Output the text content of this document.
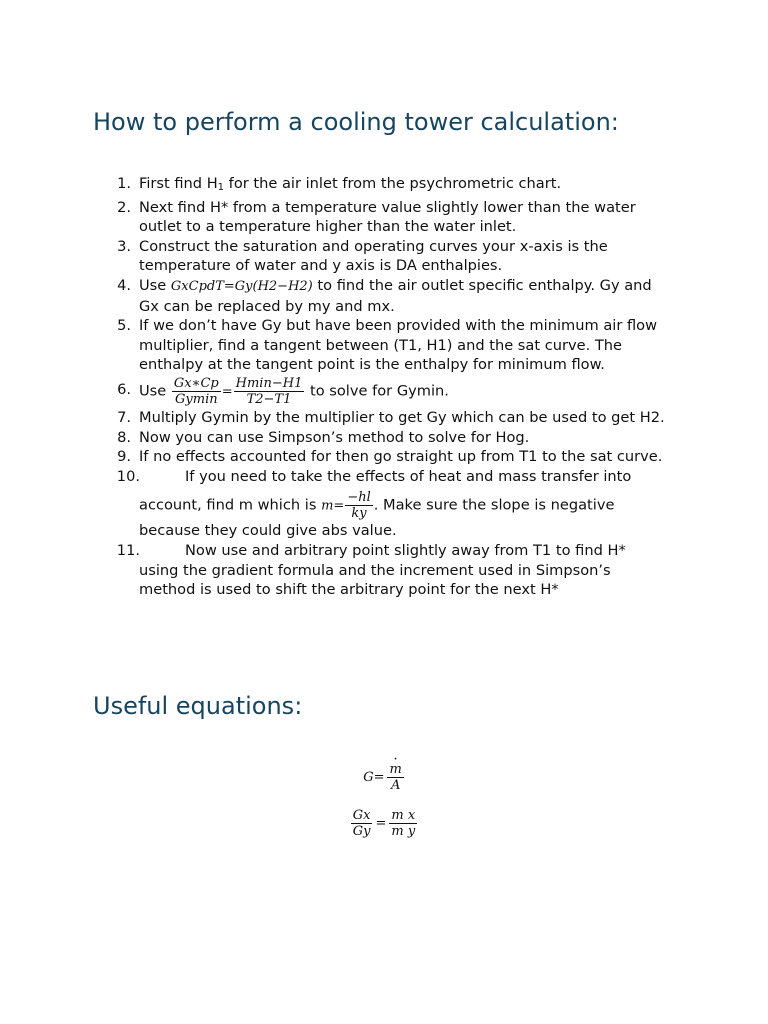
How to perform a cooling tower calculation:
1. First find $H_1$ for the air inlet from the psychrometric chart.
2. Next find H* from a temperature value slightly lower than the water outlet to a temperature higher than the water inlet.
3. Construct the saturation and operating curves your x-axis is the temperature of water and y axis is DA enthalpies.
4. Use GxCpdT=Gy(H2−H2) to find the air outlet specific enthalpy. Gy and Gx can be replaced by my and mx.
5. If we don’t have Gy but have been provided with the minimum air flow multiplier, find a tangent between (T1, H1) and the sat curve. The enthalpy at the tangent point is the enthalpy for minimum flow.
6. Use $\frac{Gx∗Cp}{Gymin} = \frac{Hmin-H1}{T2-T1}$ to solve for Gymin.
7. Multiply Gymin by the multiplier to get Gy which can be used to get H2.
8. Now you can use Simpson’s method to solve for Hog.
9. If no effects accounted for then go straight up from T1 to the sat curve.
10.	If you need to take the effects of heat and mass transfer into
account, find m which is $m= \frac{-hl}{ky}$ . Make sure the slope is negative because they could give abs value.
11.	Now use and arbitrary point slightly away from T1 to find H* using the gradient formula and the increment used in Simpson’s method is used to shift the arbitrary point for the next H*
Useful equations:
G=
· $\frac{m}{A}$
$\frac{Gx}{Gy} = \frac{\text{m x}}{\text{m y}}$
